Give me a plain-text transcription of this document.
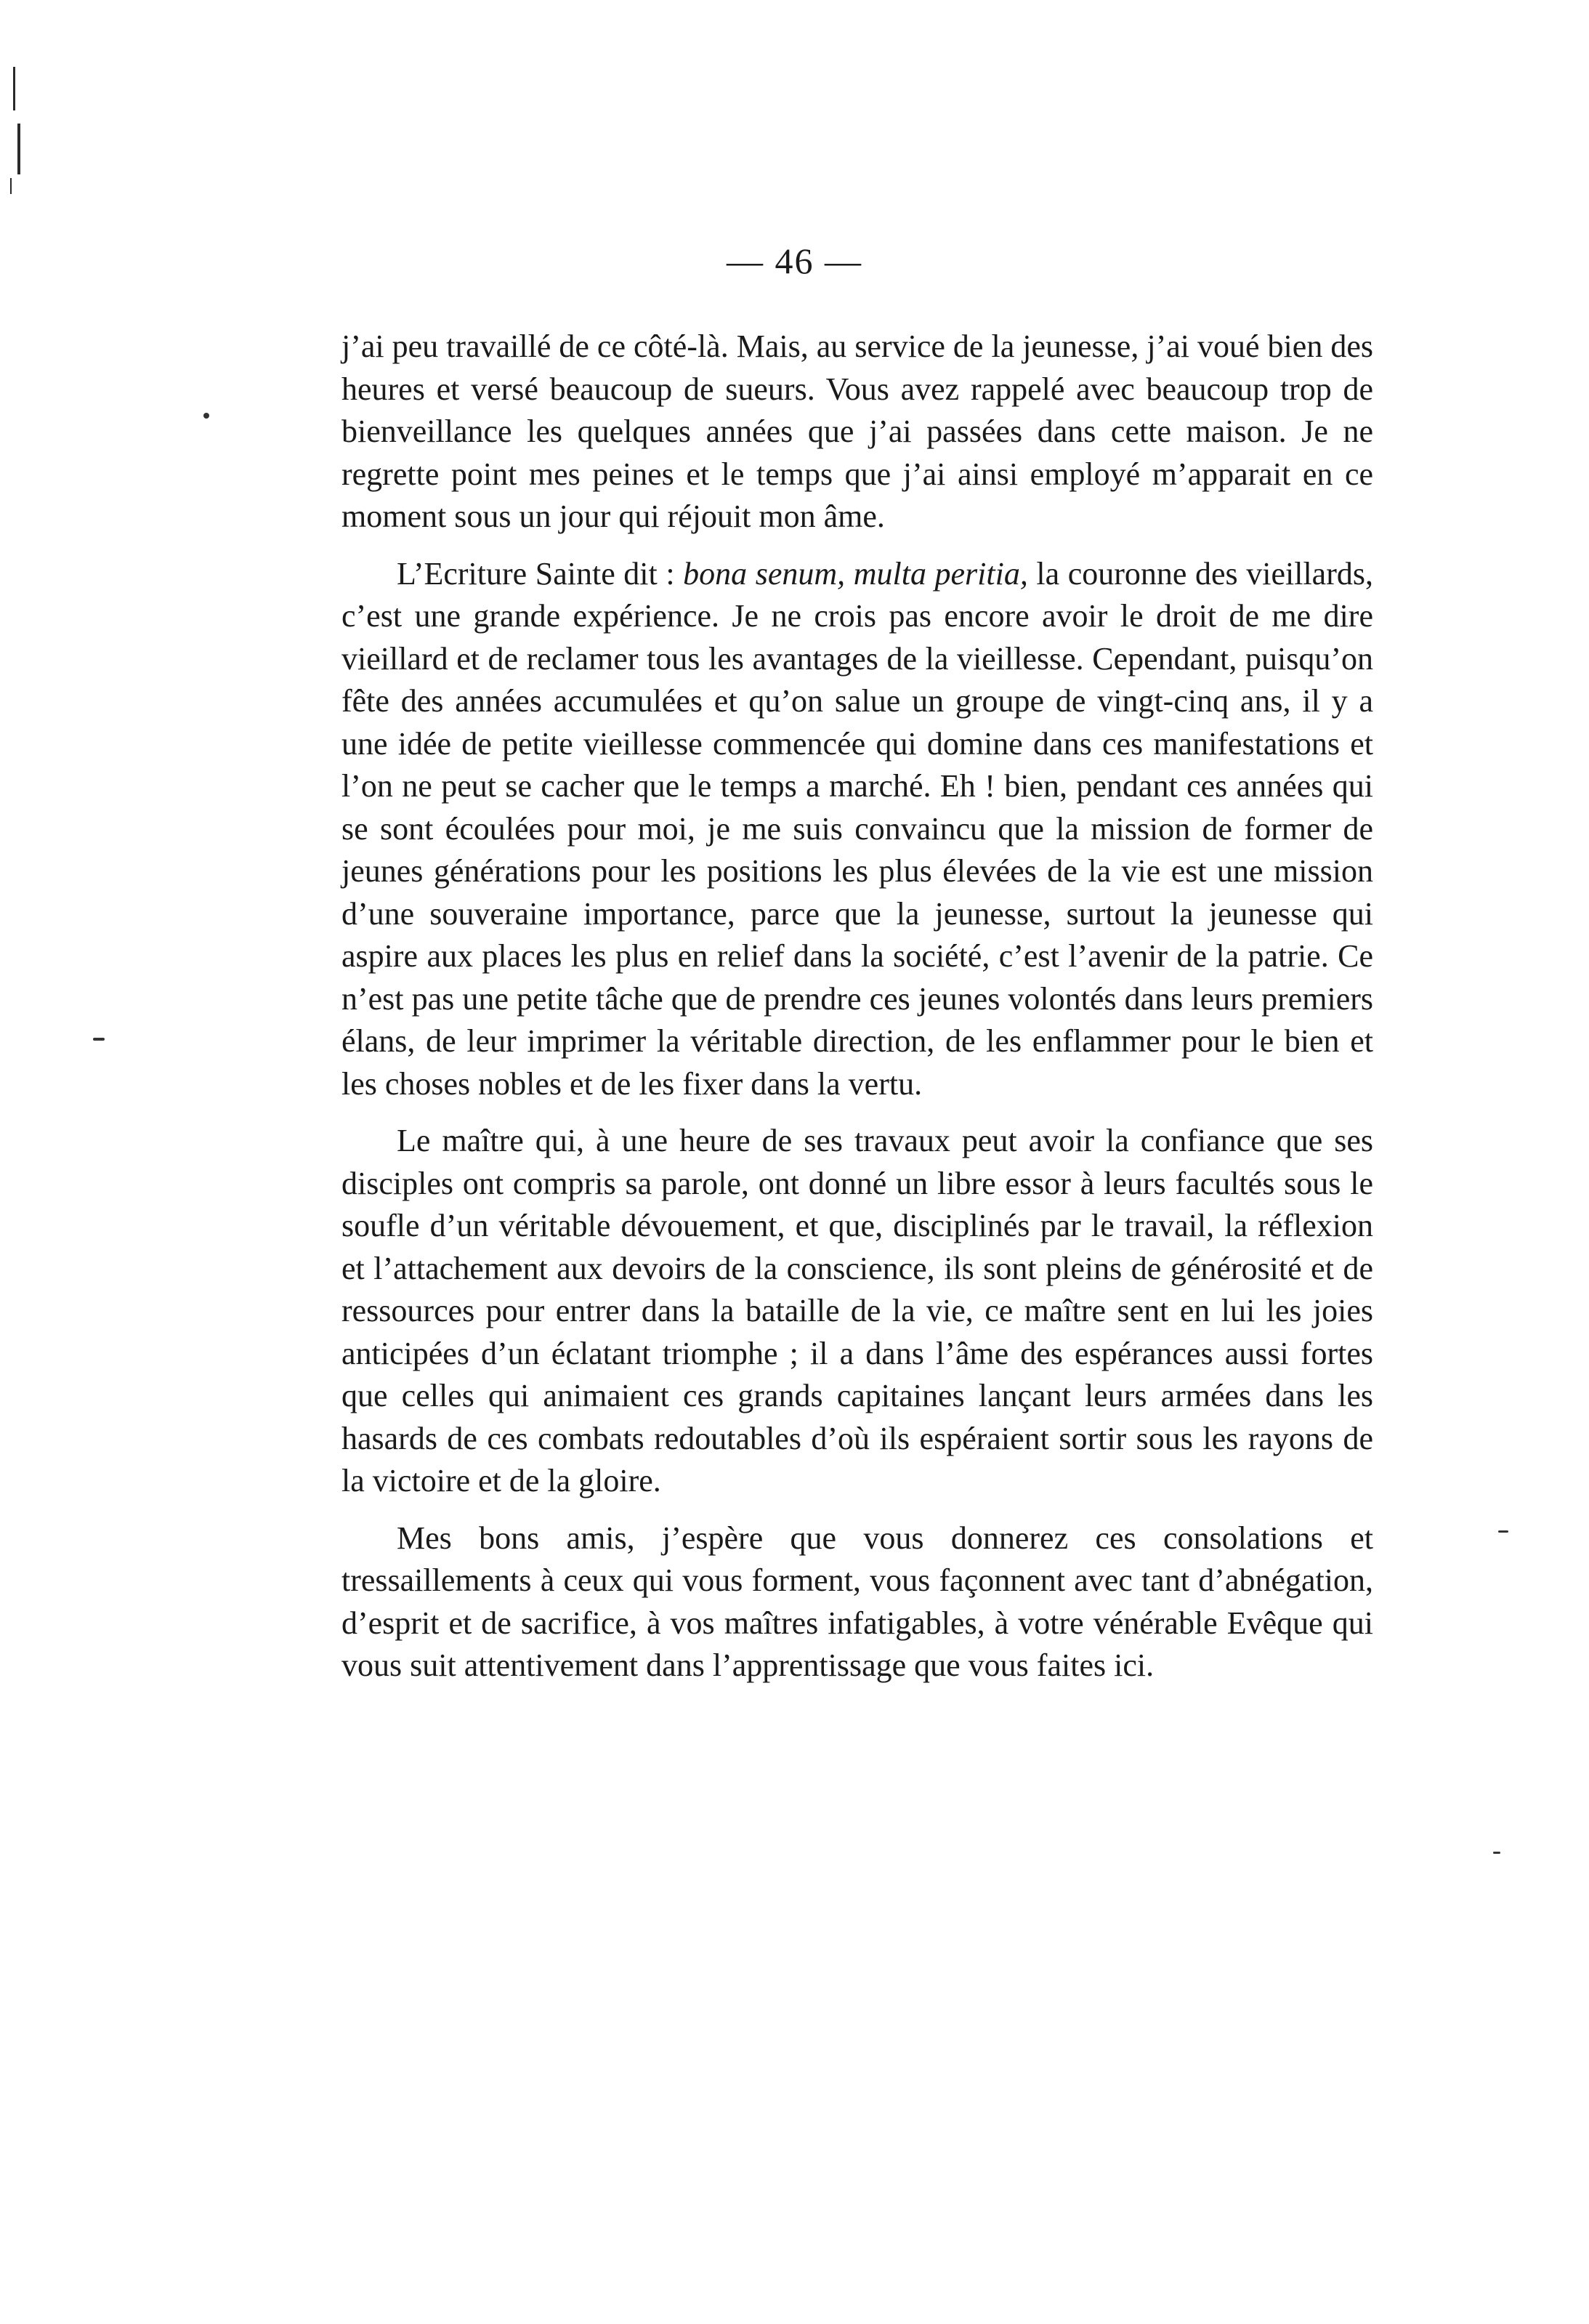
— 46 —

j’ai peu travaillé de ce côté-là. Mais, au service de la jeunesse, j’ai voué bien des heures et versé beaucoup de sueurs. Vous avez rappelé avec beaucoup trop de bienveillance les quelques années que j’ai passées dans cette maison. Je ne regrette point mes peines et le temps que j’ai ainsi employé m’apparait en ce moment sous un jour qui réjouit mon âme.

L’Ecriture Sainte dit : bona senum, multa peritia, la couronne des vieillards, c’est une grande expérience. Je ne crois pas encore avoir le droit de me dire vieillard et de reclamer tous les avantages de la vieillesse. Cependant, puisqu’on fête des années accumulées et qu’on salue un groupe de vingt-cinq ans, il y a une idée de petite vieillesse commencée qui domine dans ces manifestations et l’on ne peut se cacher que le temps a marché. Eh ! bien, pendant ces années qui se sont écoulées pour moi, je me suis convaincu que la mission de former de jeunes générations pour les positions les plus élevées de la vie est une mission d’une souveraine importance, parce que la jeunesse, surtout la jeunesse qui aspire aux places les plus en relief dans la société, c’est l’avenir de la patrie. Ce n’est pas une petite tâche que de prendre ces jeunes volontés dans leurs premiers élans, de leur imprimer la véritable direction, de les enflammer pour le bien et les choses nobles et de les fixer dans la vertu.

Le maître qui, à une heure de ses travaux peut avoir la confiance que ses disciples ont compris sa parole, ont donné un libre essor à leurs facultés sous le soufle d’un véritable dévouement, et que, disciplinés par le travail, la réflexion et l’attachement aux devoirs de la conscience, ils sont pleins de générosité et de ressources pour entrer dans la bataille de la vie, ce maître sent en lui les joies anticipées d’un éclatant triomphe ; il a dans l’âme des espérances aussi fortes que celles qui animaient ces grands capitaines lançant leurs armées dans les hasards de ces combats redoutables d’où ils espéraient sortir sous les rayons de la victoire et de la gloire.

Mes bons amis, j’espère que vous donnerez ces consolations et tressaillements à ceux qui vous forment, vous façonnent avec tant d’abnégation, d’esprit et de sacrifice, à vos maîtres infatigables, à votre vénérable Evêque qui vous suit attentivement dans l’apprentissage que vous faites ici.
